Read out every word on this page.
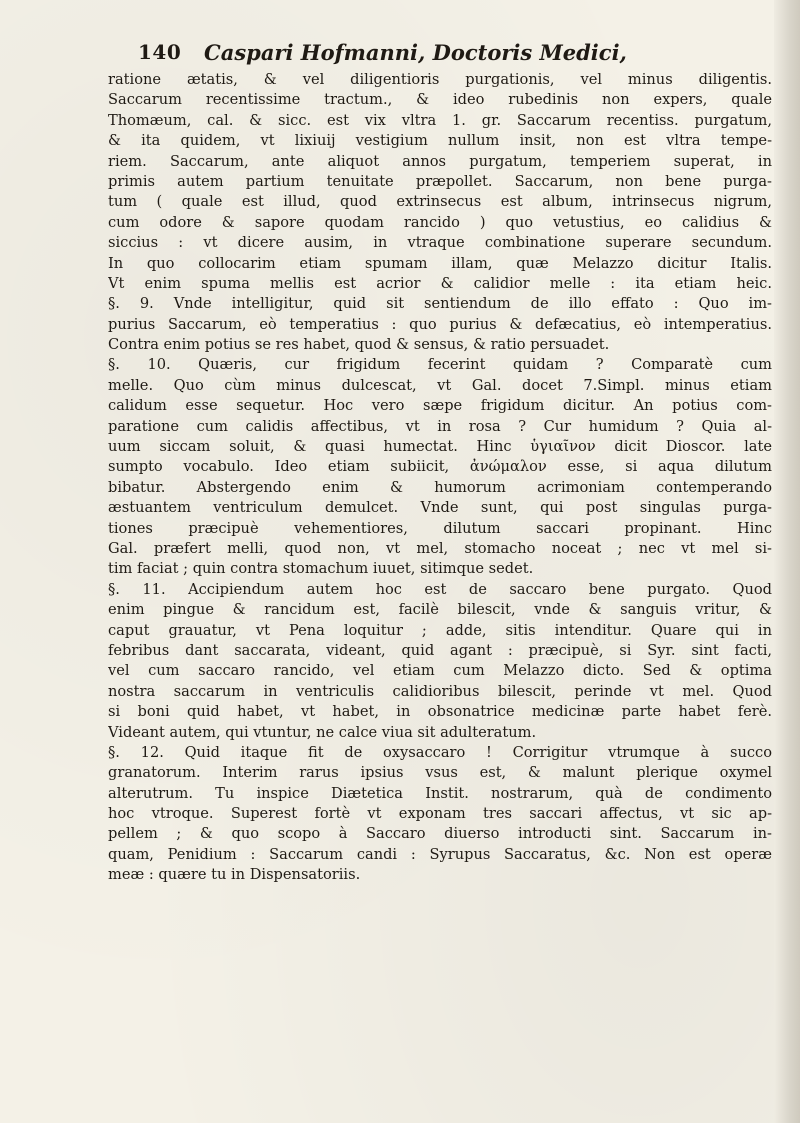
140 Caspari Hofmanni, Doctoris Medici,
ratione ætatis, & vel diligentioris purgationis, vel minus diligentis.
Saccarum recentissime tractum., & ideo rubedinis non expers, quale
Thomæum, cal. & sicc. est vix vltra 1. gr. Saccarum recentiss. purgatum,
& ita quidem, vt lixiuij vestigium nullum insit, non est vltra tempe-
riem. Saccarum, ante aliquot annos purgatum, temperiem superat, in
primis autem partium tenuitate præpollet. Saccarum, non bene purga-
tum ( quale est illud, quod extrinsecus est album, intrinsecus nigrum,
cum odore & sapore quodam rancido ) quo vetustius, eo calidius &
siccius : vt dicere ausim, in vtraque combinatione superare secundum.
In quo collocarim etiam spumam illam, quæ Melazzo dicitur Italis.
Vt enim spuma mellis est acrior & calidior melle : ita etiam heic.
§. 9. Vnde intelligitur, quid sit sentiendum de illo effato : Quo im-
purius Saccarum, eò temperatius : quo purius & defæcatius, eò intemperatius.
Contra enim potius se res habet, quod & sensus, & ratio persuadet.
§. 10. Quæris, cur frigidum fecerint quidam ? Comparatè cum
melle. Quo cùm minus dulcescat, vt Gal. docet 7.Simpl. minus etiam
calidum esse sequetur. Hoc vero sæpe frigidum dicitur. An potius com-
paratione cum calidis affectibus, vt in rosa ? Cur humidum ? Quia al-
uum siccam soluit, & quasi humectat. Hinc ὑγιαῖνον dicit Dioscor. late
sumpto vocabulo. Ideo etiam subiicit, ἀνώμαλον esse, si aqua dilutum
bibatur. Abstergendo enim & humorum acrimoniam contemperando
æstuantem ventriculum demulcet. Vnde sunt, qui post singulas purga-
tiones præcipuè vehementiores, dilutum saccari propinant. Hinc
Gal. præfert melli, quod non, vt mel, stomacho noceat ; nec vt mel si-
tim faciat ; quin contra stomachum iuuet, sitimque sedet.
§. 11. Accipiendum autem hoc est de saccaro bene purgato. Quod
enim pingue & rancidum est, facilè bilescit, vnde & sanguis vritur, &
caput grauatur, vt Pena loquitur ; adde, sitis intenditur. Quare qui in
febribus dant saccarata, videant, quid agant : præcipuè, si Syr. sint facti,
vel cum saccaro rancido, vel etiam cum Melazzo dicto. Sed & optima
nostra saccarum in ventriculis calidioribus bilescit, perinde vt mel. Quod
si boni quid habet, vt habet, in obsonatrice medicinæ parte habet ferè.
Videant autem, qui vtuntur, ne calce viua sit adulteratum.
§. 12. Quid itaque fit de oxysaccaro ! Corrigitur vtrumque à succo
granatorum. Interim rarus ipsius vsus est, & malunt plerique oxymel
alterutrum. Tu inspice Diætetica Instit. nostrarum, quà de condimento
hoc vtroque. Superest fortè vt exponam tres saccari affectus, vt sic ap-
pellem ; & quo scopo à Saccaro diuerso introducti sint. Saccarum in-
quam, Penidium : Saccarum candi : Syrupus Saccaratus, &c. Non est operæ
meæ : quære tu in Dispensatoriis.
